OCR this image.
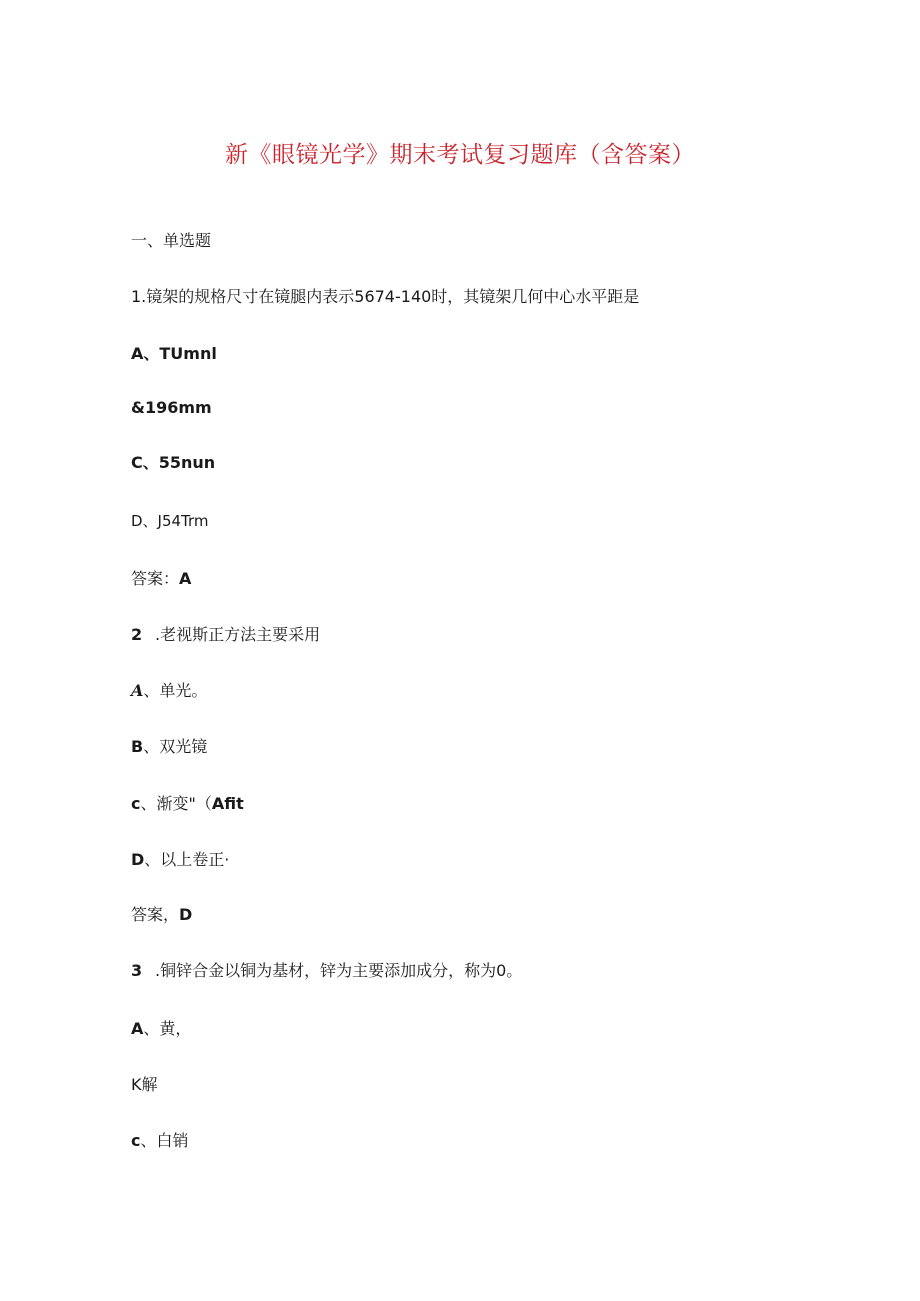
新《眼镜光学》期末考试复习题库（含答案）
一、单选题
1.镜架的规格尺寸在镜腿内表示5674-140时，其镜架几何中心水平距是
A、TUmnl
&196mm
C、55nun
D、J54Trm
答案：A
2 .老视斯正方法主要采用
A、单光。
B、双光镜
c、渐变"（Afit
D、以上卷正·
答案，D
3 .铜锌合金以铜为基材，锌为主要添加成分，称为0。
A、黄，
K解
c、白销
